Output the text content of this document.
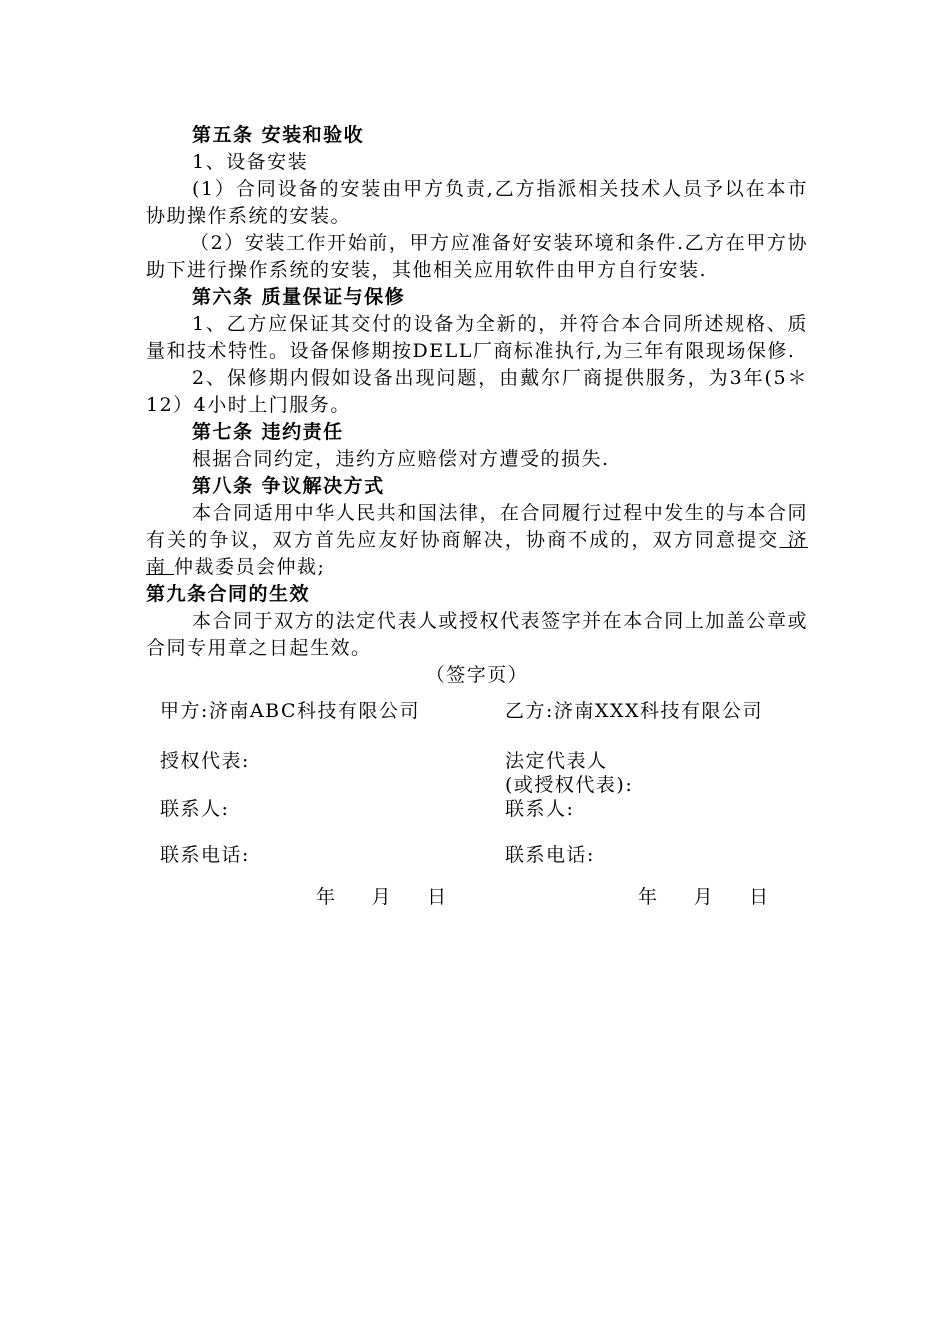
第五条 安装和验收

1、设备安装

(1）合同设备的安装由甲方负责,乙方指派相关技术人员予以在本市协助操作系统的安装。

（2）安装工作开始前，甲方应准备好安装环境和条件.乙方在甲方协助下进行操作系统的安装，其他相关应用软件由甲方自行安装.

第六条 质量保证与保修

1、乙方应保证其交付的设备为全新的，并符合本合同所述规格、质量和技术特性。设备保修期按DELL厂商标准执行,为三年有限现场保修.

2、保修期内假如设备出现问题，由戴尔厂商提供服务，为3年(5＊12）4小时上门服务。

第七条 违约责任

根据合同约定，违约方应赔偿对方遭受的损失.

第八条 争议解决方式

本合同适用中华人民共和国法律，在合同履行过程中发生的与本合同有关的争议，双方首先应友好协商解决，协商不成的，双方同意提交 济南 仲裁委员会仲裁;

第九条合同的生效

本合同于双方的法定代表人或授权代表签字并在本合同上加盖公章或合同专用章之日起生效。

（签字页）

甲方:济南ABC科技有限公司	乙方:济南XXX科技有限公司
授权代表:	法定代表人
(或授权代表):
联系人:	联系人:
联系电话:	联系电话:
年  月  日	年  月  日
